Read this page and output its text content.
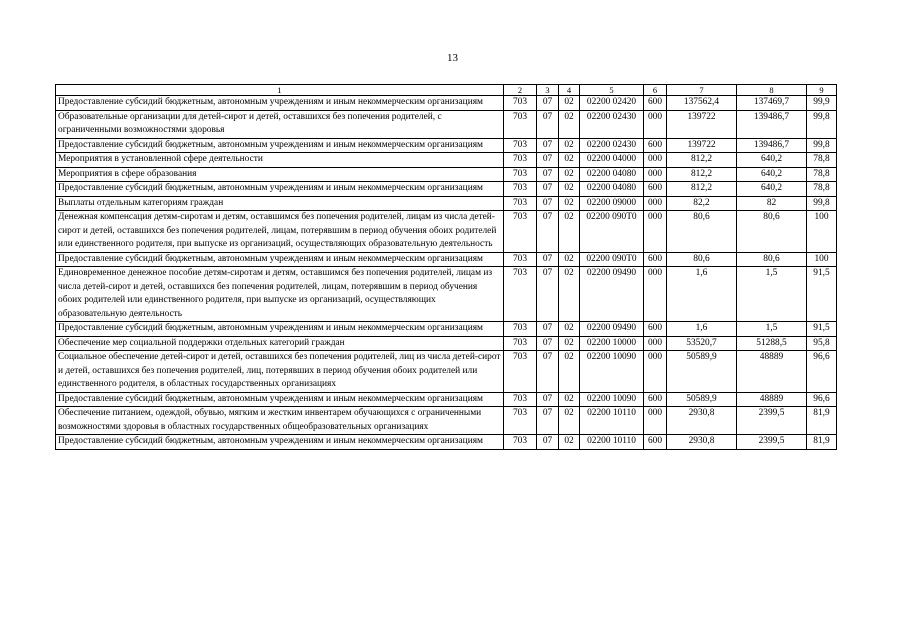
13
1	2	3	4	5	6	7	8	9
Предоставление субсидий бюджетным, автономным учреждениям и иным некоммерческим организациям	703	07	02	02200 02420	600	137562,4	137469,7	99,9
Образовательные организации для детей-сирот и детей, оставшихся без попечения родителей, с ограниченными возможностями здоровья	703	07	02	02200 02430	000	139722	139486,7	99,8
Предоставление субсидий бюджетным, автономным учреждениям и иным некоммерческим организациям	703	07	02	02200 02430	600	139722	139486,7	99,8
Мероприятия в установленной сфере деятельности	703	07	02	02200 04000	000	812,2	640,2	78,8
Мероприятия в сфере образования	703	07	02	02200 04080	000	812,2	640,2	78,8
Предоставление субсидий бюджетным, автономным учреждениям и иным некоммерческим организациям	703	07	02	02200 04080	600	812,2	640,2	78,8
Выплаты отдельным категориям граждан	703	07	02	02200 09000	000	82,2	82	99,8
Денежная компенсация детям-сиротам и детям, оставшимся без попечения родителей, лицам из числа детей-сирот и детей, оставшихся без попечения родителей, лицам, потерявшим в период обучения обоих родителей или единственного родителя, при выпуске из организаций, осуществляющих образовательную деятельность	703	07	02	02200 090Т0	000	80,6	80,6	100
Предоставление субсидий бюджетным, автономным учреждениям и иным некоммерческим организациям	703	07	02	02200 090Т0	600	80,6	80,6	100
Единовременное денежное пособие детям-сиротам и детям, оставшимся без попечения родителей, лицам из числа детей-сирот и детей, оставшихся без попечения родителей, лицам, потерявшим в период обучения обоих родителей или единственного родителя, при выпуске из организаций, осуществляющих образовательную деятельность	703	07	02	02200 09490	000	1,6	1,5	91,5
Предоставление субсидий бюджетным, автономным учреждениям и иным некоммерческим организациям	703	07	02	02200 09490	600	1,6	1,5	91,5
Обеспечение мер социальной поддержки отдельных категорий граждан	703	07	02	02200 10000	000	53520,7	51288,5	95,8
Социальное обеспечение детей-сирот и детей, оставшихся без попечения родителей, лиц из числа детей-сирот и детей, оставшихся без попечения родителей, лиц, потерявших в период обучения обоих родителей или единственного родителя, в областных государственных организациях	703	07	02	02200 10090	000	50589,9	48889	96,6
Предоставление субсидий бюджетным, автономным учреждениям и иным некоммерческим организациям	703	07	02	02200 10090	600	50589,9	48889	96,6
Обеспечение питанием, одеждой, обувью, мягким и жестким инвентарем обучающихся с ограниченными возможностями здоровья в областных государственных общеобразовательных организациях	703	07	02	02200 10110	000	2930,8	2399,5	81,9
Предоставление субсидий бюджетным, автономным учреждениям и иным некоммерческим организациям	703	07	02	02200 10110	600	2930,8	2399,5	81,9
